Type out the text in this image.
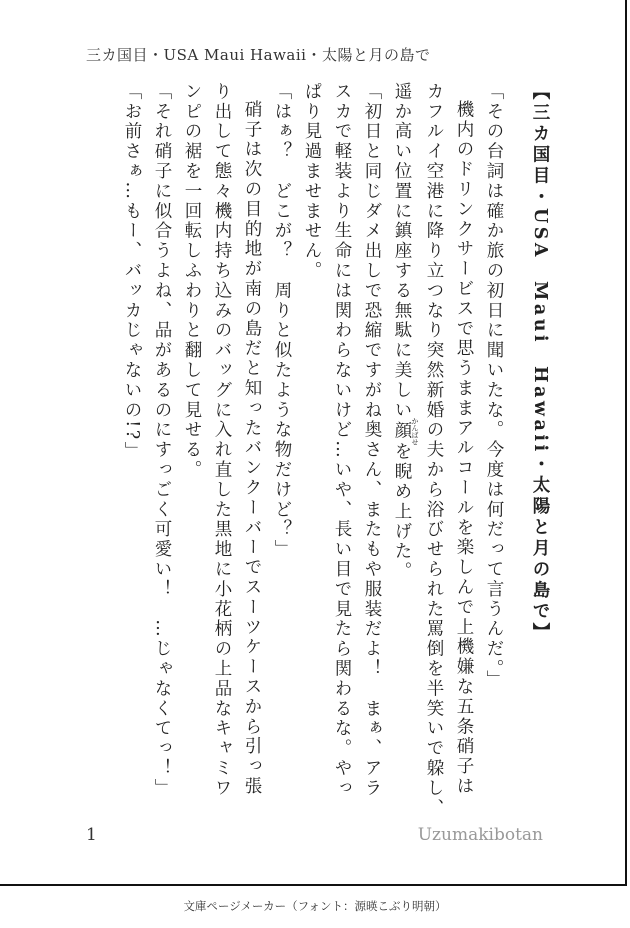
三カ国目・USA Maui Hawaii・太陽と月の島で

【三カ国目・USA　Maui　Hawaii・太陽と月の島で】

「その台詞は確か旅の初日に聞いたな。今度は何だって言うんだ。」

機内のドリンクサービスで思うままアルコールを楽しんで上機嫌な五条硝子は

カフルイ空港に降り立つなり突然新婚の夫から浴びせられた罵倒を半笑いで躱し、

遥か高い位置に鎮座する無駄に美しい顔 かんばせを睨め上げた。

「初日と同じダメ出しで恐縮ですがね奥さん、またもや服装だよ！　まぁ、アラ

スカで軽装より生命には関わらないけど…いや、長い目で見たら関わるな。やっ

ぱり見過ませません。

「はぁ？　どこが？　周りと似たような物だけど？」

硝子は次の目的地が南の島だと知ったバンクーバーでスーツケースから引っ張

り出して態々機内持ち込みのバッグに入れ直した黒地に小花柄の上品なキャミワ

ンピの裾を一回転しふわりと翻して見せる。

「それ硝子に似合うよね、品があるのにすっごく可愛い！　…じゃなくてっ！」

「お前さぁ…もー、バッカじゃないの!?」

1	Uzumakibotan
文庫ページメーカー（フォント：源暎こぶり明朝）
